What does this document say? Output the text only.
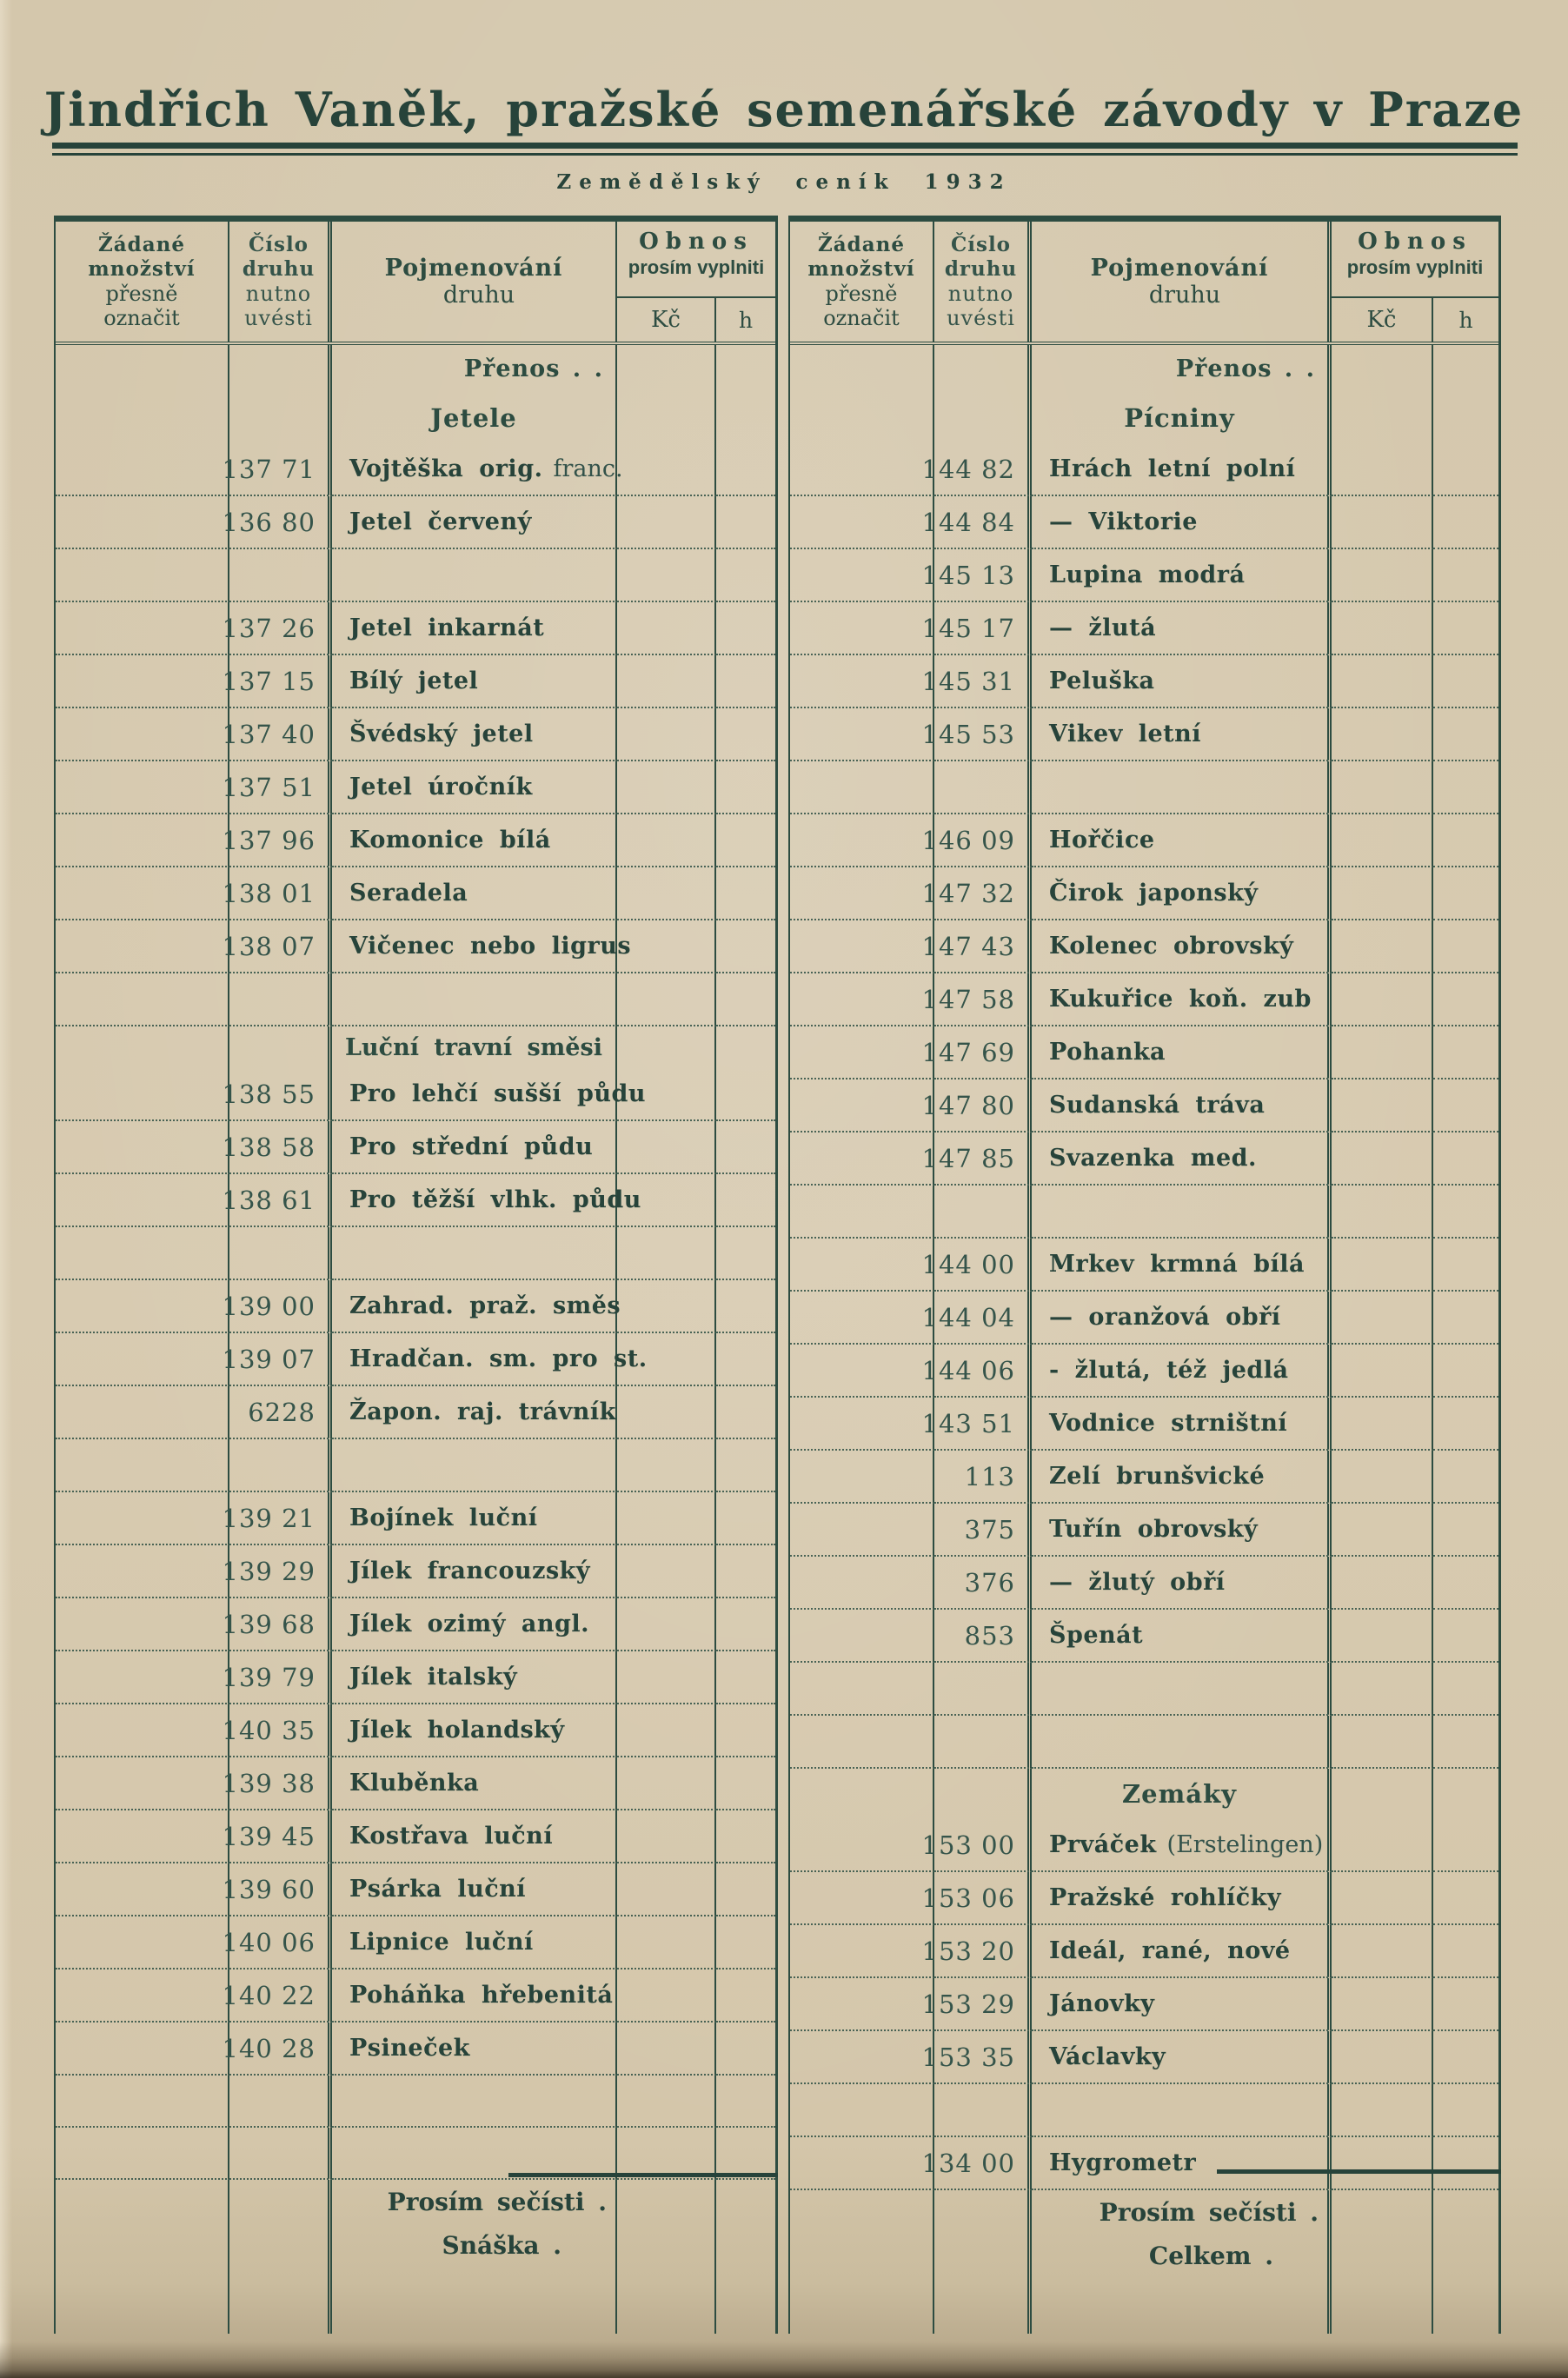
Jindřich Vaněk, pražské semenářské závody v Praze
Zemědělský ceník 1932
Žádané
množství
přesně
označit
Číslo
druhu
nutno
uvésti
Pojmenování
druhu
Obnos
prosím vyplniti
Kč	h
Přenos . .
Jetele
137 71 Vojtěška orig. franc.
136 80 Jetel červený
137 26 Jetel inkarnát
137 15 Bílý jetel
137 40 Švédský jetel
137 51 Jetel úročník
137 96 Komonice bílá
138 01 Seradela
138 07 Vičenec nebo ligrus
Luční travní směsi
138 55 Pro lehčí sušší půdu
138 58 Pro střední půdu
138 61 Pro těžší vlhk. půdu
139 00 Zahrad. praž. směs
139 07 Hradčan. sm. pro st.
6228 Žapon. raj. trávník
139 21 Bojínek luční
139 29 Jílek francouzský
139 68 Jílek ozimý angl.
139 79 Jílek italský
140 35 Jílek holandský
139 38 Kluběnka
139 45 Kostřava luční
139 60 Psárka luční
140 06 Lipnice luční
140 22 Poháňka hřebenitá
140 28 Psineček
Prosím sečísti .
Snáška .
Žádané
množství
přesně
označit
Číslo
druhu
nutno
uvésti
Pojmenování
druhu
Obnos
prosím vyplniti
Kč	h
Přenos . .
Pícniny
144 82 Hrách letní polní
144 84 — Viktorie
145 13 Lupina modrá
145 17 — žlutá
145 31 Peluška
145 53 Vikev letní
146 09 Hořčice
147 32 Čirok japonský
147 43 Kolenec obrovský
147 58 Kukuřice koň. zub
147 69 Pohanka
147 80 Sudanská tráva
147 85 Svazenka med.
144 00 Mrkev krmná bílá
144 04 — oranžová obří
144 06 - žlutá, též jedlá
143 51 Vodnice strništní
113 Zelí brunšvické
375 Tuřín obrovský
376 — žlutý obří
853 Špenát
Zemáky
153 00 Prváček (Erstelingen)
153 06 Pražské rohlíčky
153 20 Ideál, rané, nové
153 29 Jánovky
153 35 Václavky
134 00 Hygrometr
Prosím sečísti .
Celkem .
